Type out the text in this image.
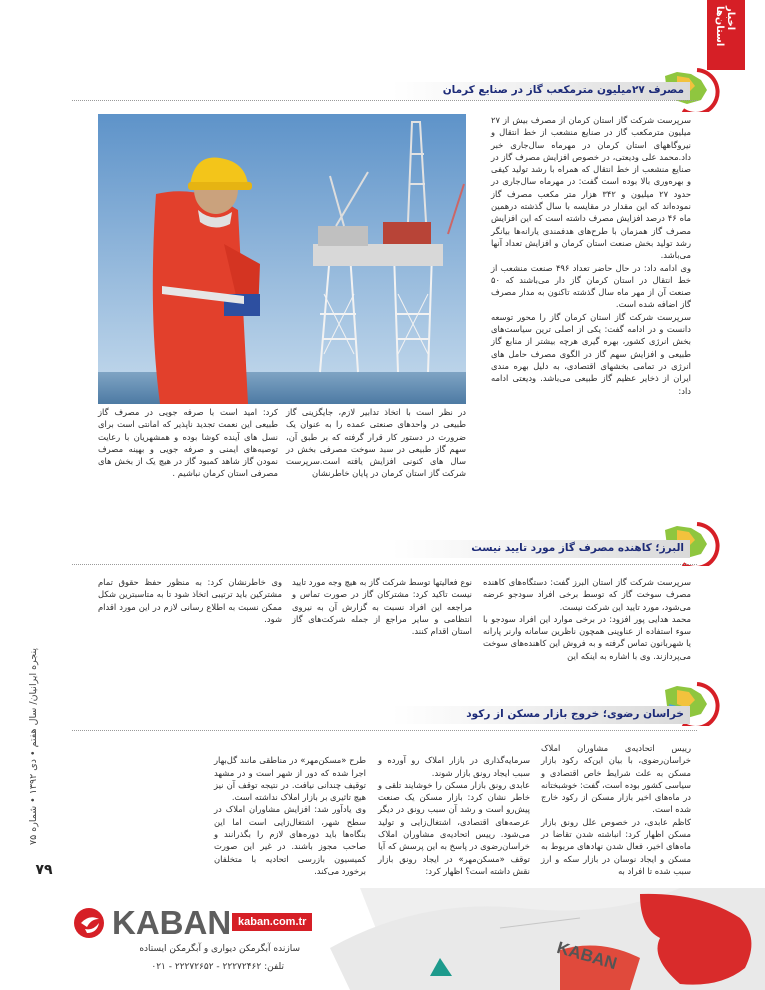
اخبار استان‌ها
مصرف ۲۷میلیون مترمکعب گاز در صنایع کرمان

سرپرست شرکت گاز استان کرمان از مصرف بیش از ۲۷ میلیون مترمکعب گاز در صنایع منشعب از خط انتقال و نیروگاههای استان کرمان در مهرماه سال‌جاری خبر داد.محمد علی ودیعتی، در خصوص افزایش مصرف گاز در صنایع منشعب از خط انتقال که همراه با رشد تولید کیفی و بهره‌وری بالا بوده است گفت: در مهرماه سال‌جاری در حدود ۲۷ میلیون و ۳۴۲ هزار متر مکعب مصرف گاز نموده‌اند که این مقدار در مقایسه با سال گذشته درهمین ماه ۴۶ درصد افزایش مصرف داشته است که این افزایش مصرف گاز همزمان با طرح‌های هدفمندی یارانه‌ها بیانگر رشد تولید بخش صنعت استان کرمان و افزایش تعداد آنها می‌باشد.

وی ادامه داد: در حال حاضر تعداد ۴۹۶ صنعت منشعب از خط انتقال در استان کرمان گاز دار می‌باشند که ۵۰ صنعت آن از مهر ماه سال گذشته تاکنون به مدار مصرف گاز اضافه شده است.

سرپرست شرکت گاز استان کرمان گاز را محور توسعه دانست و در ادامه گفت: یکی از اصلی ترین سیاست‌های بخش انرژی کشور، بهره گیری هرچه بیشتر از منابع گاز طبیعی و افزایش سهم گاز در الگوی مصرف حامل های انرژی در تمامی بخشهای اقتصادی، به دلیل بهره مندی ایران از ذخایر عظیم گاز طبیعی می‌باشد. ودیعتی ادامه داد:

در نظر است با اتخاذ تدابیر لازم، جایگزینی گاز طبیعی در واحدهای صنعتی عمده را به عنوان یک ضرورت در دستور کار قرار گرفته که بر طبق آن، سهم گاز طبیعی در سبد سوخت مصرفی بخش در سال های کنونی افزایش یافته است.سرپرست شرکت گاز استان کرمان در پایان خاطرنشان

کرد: امید است با صرفه جویی در مصرف گاز طبیعی این نعمت تجدید ناپذیر که امانتی است برای نسل های آینده کوشا بوده و همشهریان با رعایت توصیه‌های ایمنی و صرفه جویی و بهینه مصرف نمودن گاز شاهد کمبود گاز در هیچ یک از بخش های مصرفی استان کرمان نباشیم .

البرز؛ کاهنده مصرف گاز مورد تایید نیست

سرپرست شرکت گاز استان البرز گفت: دستگاه‌های کاهنده مصرف سوخت گاز که توسط برخی افراد سودجو عرضه می‌شود، مورد تایید این شرکت نیست.

محمد هدایی پور افزود: در برخی موارد این افراد سودجو با سوء استفاده از عناوینی همچون ناظرین سامانه وارنر پارانه یا شهربانون تماس گرفته و به فروش این کاهنده‌های سوخت می‌پردازند. وی با اشاره به اینکه این

نوع فعالیتها توسط شرکت گاز به هیچ وجه مورد تایید نیست تاکید کرد: مشترکان گاز در صورت تماس و مراجعه این افراد نسبت به گزارش آن به نیروی انتظامی و سایر مراجع از جمله شرکت‌های گاز استان اقدام کنند.

وی خاطرنشان کرد: به منظور حفظ حقوق تمام مشترکین باید ترتیبی اتخاذ شود تا به متاسبترین شکل ممکن نسبت به اطلاع رسانی لازم در این مورد اقدام شود.

خراسان رضوی؛ خروج بازار مسکن از رکود

رییس اتحادیه‌ی مشاوران املاک خراسان‌رضوی، با بیان این‌که رکود بازار مسکن به علت شرایط خاص اقتصادی و سیاسی کشور بوده است، گفت: خوشبختانه در ماه‌های اخیر بازار مسکن از رکود خارج شده است.

کاظم عابدی، در خصوص علل رونق بازار مسکن اظهار کرد: انباشته شدن تقاضا در ماه‌های اخیر، فعال شدن نهادهای مربوط به مسکن و ایجاد نوسان در بازار سکه و ارز سبب شده تا افراد به

سرمایه‌گذاری در بازار املاک رو آورده و سبب ایجاد رونق بازار شوند.
عابدی رونق بازار مسکن را خوشایند تلقی و خاطر نشان کرد: بازار مسکن یک صنعت پیش‌رو است و رشد آن سبب رونق در دیگر عرصه‌های اقتصادی، اشتغال‌زایی و تولید می‌شود. رییس اتحادیه‌ی مشاوران املاک خراسان‌رضوی در پاسخ به این پرسش که آیا توقف «مسکن‌مهر» در ایجاد رونق بازار نقش داشته است؟ اظهار کرد:

طرح «مسکن‌مهر» در مناطقی مانند گل‌بهار اجرا شده که دور از شهر است و در مشهد توقیف چندانی نیافت. در نتیجه توقف آن نیز هیچ تاثیری بر بازار املاک نداشته است.
وی یادآور شد: افزایش مشاوران املاک در سطح شهر، اشتغال‌زایی است اما این بنگاه‌ها باید دوره‌های لازم را بگذرانند و صاحب مجوز باشند. در غیر این صورت کمیسیون بازرسی اتحادیه با متخلفان برخورد می‌کند.

پنجره ایرانیان/ سال هفتم • دی ۱۳۹۲ • شماره ۷۵
۷۹
KABAN kaban.com.tr
سازنده آبگرمکن دیواری و آبگرمکن ایستاده
تلفن: ۲۲۲۷۲۴۶۲ - ۲۲۲۷۲۶۵۲ - ۰۲۱	KABAN
